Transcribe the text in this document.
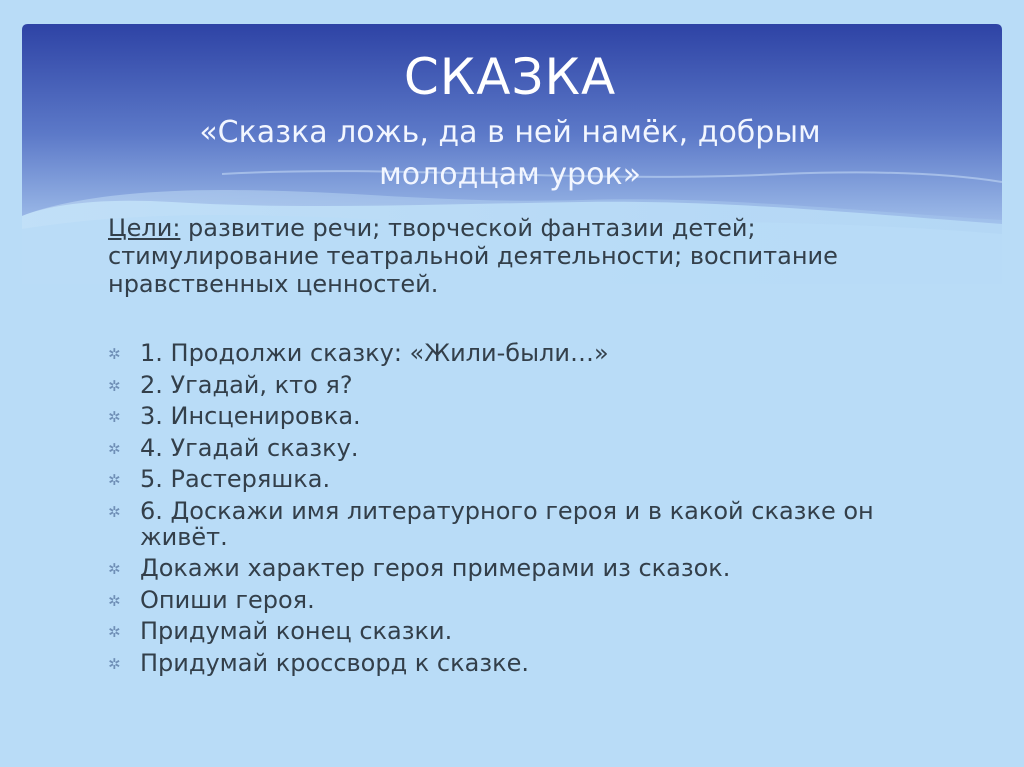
СКАЗКА
«Сказка ложь, да в ней намёк, добрым
молодцам урок»

Цели: развитие речи; творческой фантазии детей; стимулирование театральной деятельности; воспитание нравственных ценностей.

✲ 1. Продолжи сказку: «Жили-были…»
✲ 2. Угадай, кто я?
✲ 3. Инсценировка.
✲ 4. Угадай сказку.
✲ 5. Растеряшка.
✲ 6. Доскажи имя литературного героя и в какой сказке он живёт.
✲ Докажи характер героя примерами из сказок.
✲ Опиши героя.
✲ Придумай конец сказки.
✲ Придумай кроссворд к сказке.
